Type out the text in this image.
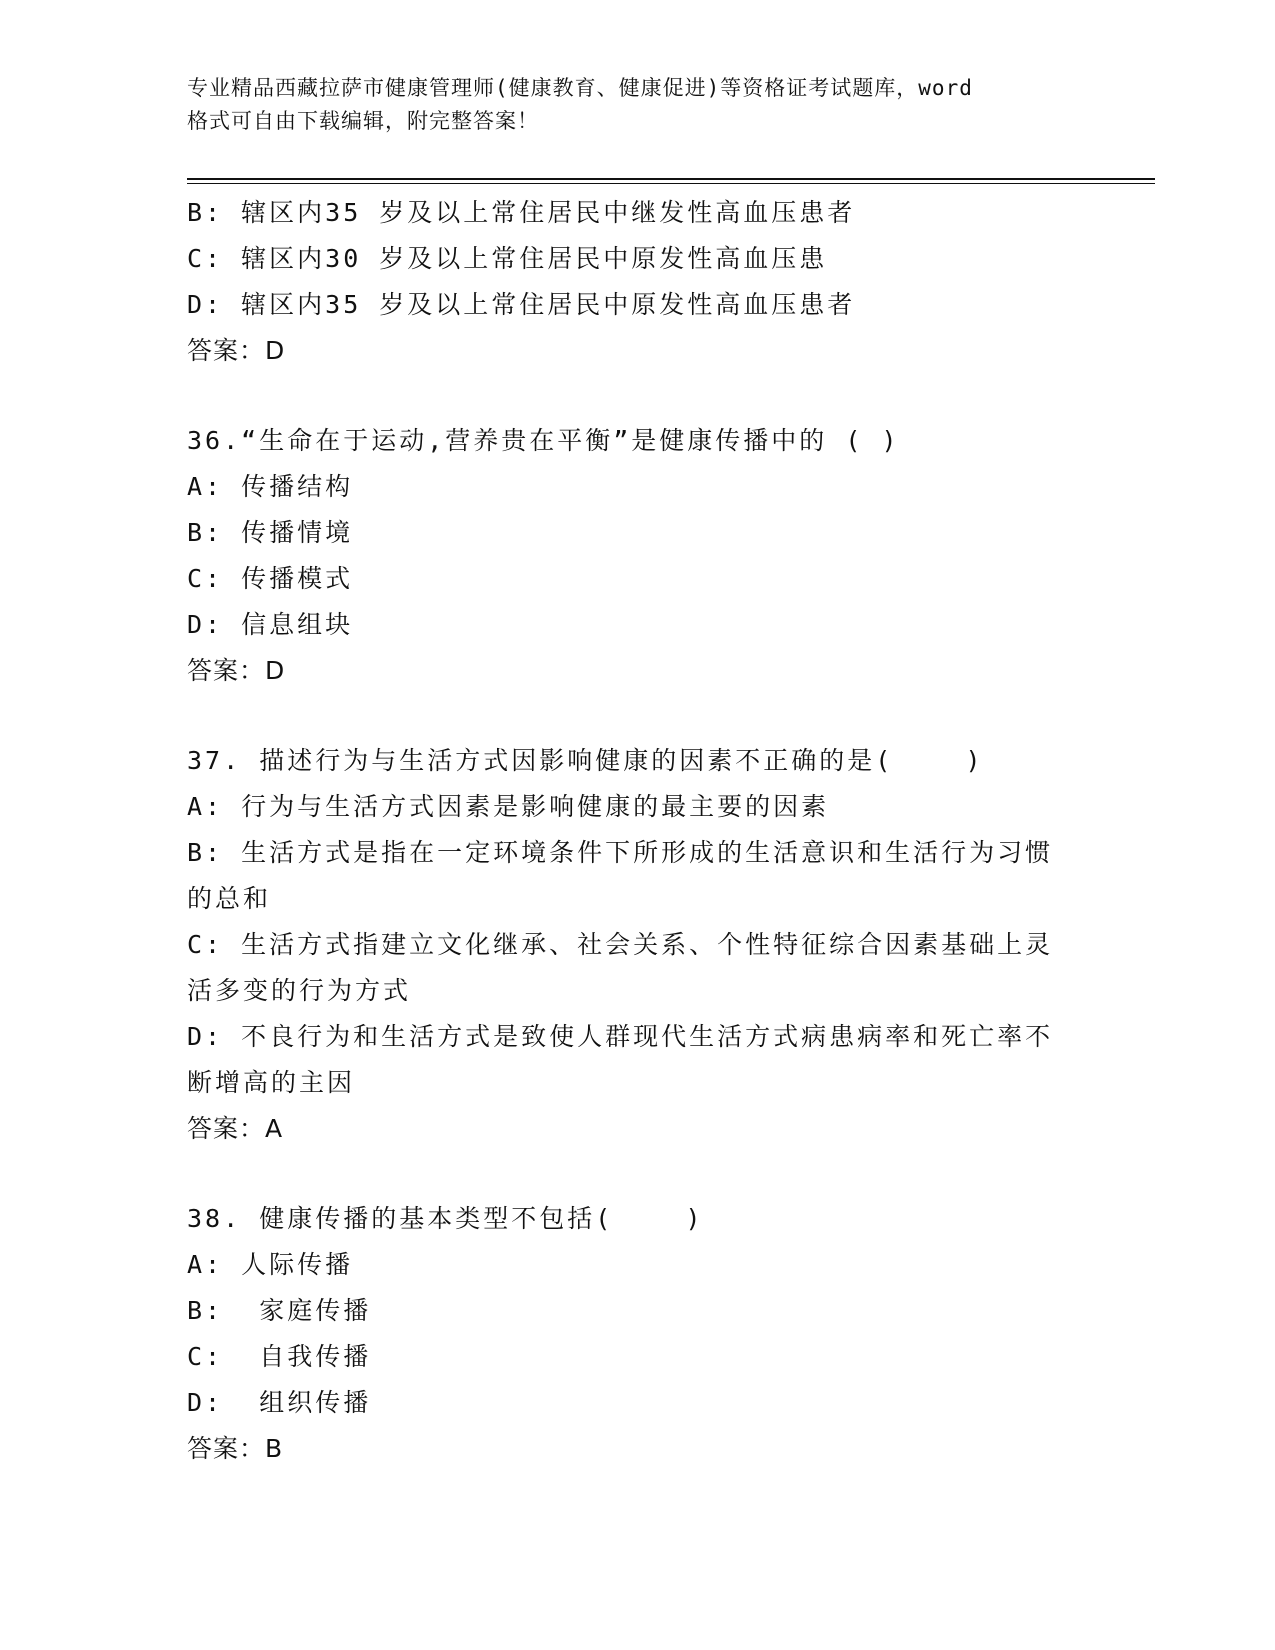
专业精品西藏拉萨市健康管理师(健康教育、健康促进)等资格证考试题库，word
格式可自由下载编辑，附完整答案！
B: 辖区内35 岁及以上常住居民中继发性高血压患者
C: 辖区内30 岁及以上常住居民中原发性高血压患
D: 辖区内35 岁及以上常住居民中原发性高血压患者
答案：D
36.“生命在于运动,营养贵在平衡”是健康传播中的 ( )
A: 传播结构
B: 传播情境
C: 传播模式
D: 信息组块
答案：D
37. 描述行为与生活方式因影响健康的因素不正确的是(    )
A: 行为与生活方式因素是影响健康的最主要的因素
B: 生活方式是指在一定环境条件下所形成的生活意识和生活行为习惯
的总和
C: 生活方式指建立文化继承、社会关系、个性特征综合因素基础上灵
活多变的行为方式
D: 不良行为和生活方式是致使人群现代生活方式病患病率和死亡率不
断增高的主因
答案：A
38. 健康传播的基本类型不包括(    )
A: 人际传播
B:  家庭传播
C:  自我传播
D:  组织传播
答案：B
